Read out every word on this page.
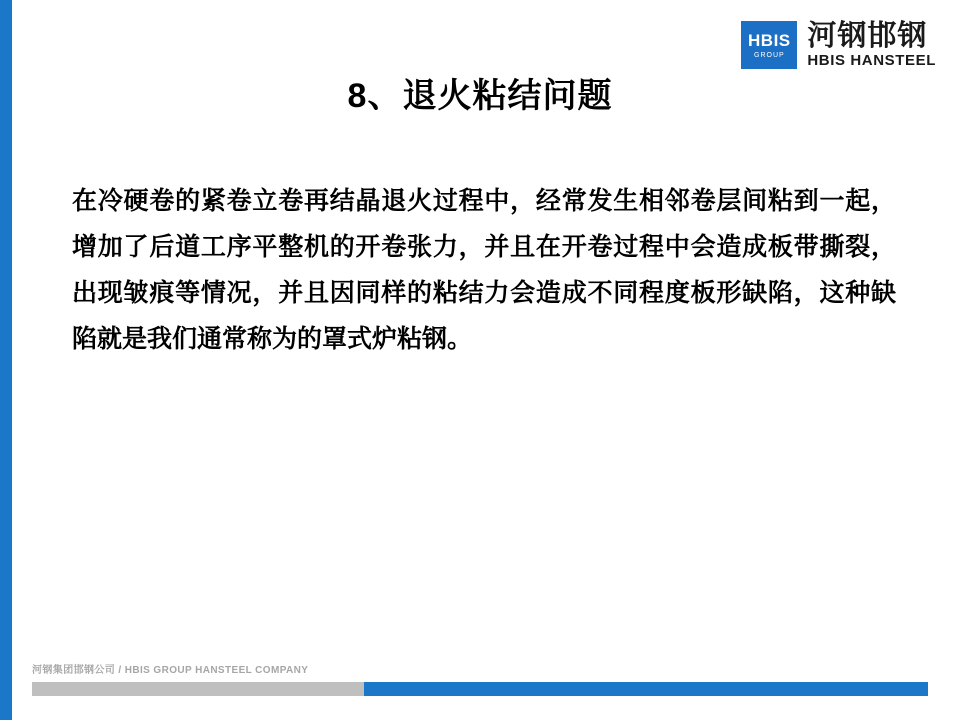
HBIS
GROUP
河钢邯钢
HBIS HANSTEEL
8、退火粘结问题

在冷硬卷的紧卷立卷再结晶退火过程中，经常发生相邻卷层间粘到一起，增加了后道工序平整机的开卷张力，并且在开卷过程中会造成板带撕裂，出现皱痕等情况，并且因同样的粘结力会造成不同程度板形缺陷，这种缺陷就是我们通常称为的罩式炉粘钢。

河钢集团邯钢公司 / HBIS GROUP HANSTEEL COMPANY
